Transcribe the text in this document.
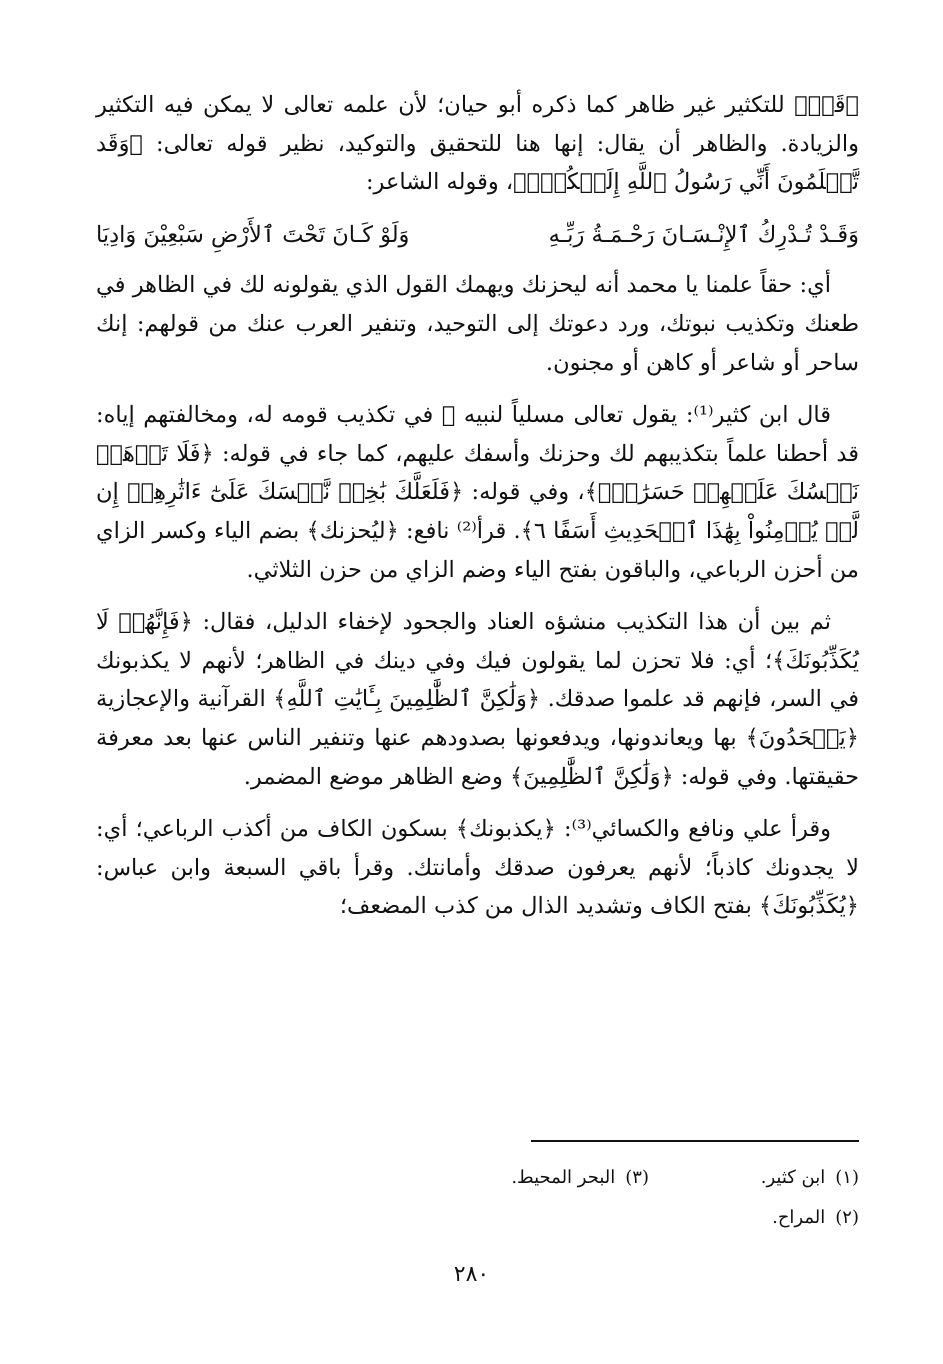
﴿قَدۡ﴾ للتكثير غير ظاهر كما ذكره أبو حيان؛ لأن علمه تعالى لا يمكن فيه التكثير والزيادة. والظاهر أن يقال: إنها هنا للتحقيق والتوكيد، نظير قوله تعالى: ﴿وَقَد تَّعۡلَمُونَ أَنِّي رَسُولُ ٱللَّهِ إِلَيۡكُمۡۖ﴾، وقوله الشاعر:

وَقَـدْ تُـدْرِكُ ٱلإِنْـسَـانَ رَحْـمَـةُ رَبِّـهِ
وَلَوْ كَـانَ تَحْتَ ٱلأَرْضِ سَبْعِيْنَ وَادِيَا

أي: حقاً علمنا يا محمد أنه ليحزنك ويهمك القول الذي يقولونه لك في الظاهر في طعنك وتكذيب نبوتك، ورد دعوتك إلى التوحيد، وتنفير العرب عنك من قولهم: إنك ساحر أو شاعر أو كاهن أو مجنون.

قال ابن كثير⁽¹⁾: يقول تعالى مسلياً لنبيه ﷺ في تكذيب قومه له، ومخالفتهم إياه: قد أحطنا علماً بتكذيبهم لك وحزنك وأسفك عليهم، كما جاء في قوله: ﴿فَلَا تَذۡهَبۡ نَفۡسُكَ عَلَيۡهِمۡ حَسَرَٰتٍۚ﴾، وفي قوله: ﴿فَلَعَلَّكَ بَٰخِعٞ نَّفۡسَكَ عَلَىٰٓ ءَاثَٰرِهِمۡ إِن لَّمۡ يُؤۡمِنُواْ بِهَٰذَا ٱلۡحَدِيثِ أَسَفًا ٦﴾. قرأ⁽²⁾ نافع: ﴿ليُحزنك﴾ بضم الياء وكسر الزاي من أحزن الرباعي، والباقون بفتح الياء وضم الزاي من حزن الثلاثي.

ثم بين أن هذا التكذيب منشؤه العناد والجحود لإخفاء الدليل، فقال: ﴿فَإِنَّهُمۡ لَا يُكَذِّبُونَكَ﴾؛ أي: فلا تحزن لما يقولون فيك وفي دينك في الظاهر؛ لأنهم لا يكذبونك في السر، فإنهم قد علموا صدقك. ﴿وَلَٰكِنَّ ٱلظَّٰلِمِينَ بِـَٔايَٰتِ ٱللَّهِ﴾ القرآنية والإعجازية ﴿يَجۡحَدُونَ﴾ بها ويعاندونها، ويدفعونها بصدودهم عنها وتنفير الناس عنها بعد معرفة حقيقتها. وفي قوله: ﴿وَلَٰكِنَّ ٱلظَّٰلِمِينَ﴾ وضع الظاهر موضع المضمر.

وقرأ علي ونافع والكسائي⁽³⁾: ﴿يكذبونك﴾ بسكون الكاف من أكذب الرباعي؛ أي: لا يجدونك كاذباً؛ لأنهم يعرفون صدقك وأمانتك. وقرأ باقي السبعة وابن عباس: ﴿يُكَذِّبُونَكَ﴾ بفتح الكاف وتشديد الذال من كذب المضعف؛

(١)ابن كثير.
(٣)البحر المحيط.
(٢)المراح.
٢٨٠
